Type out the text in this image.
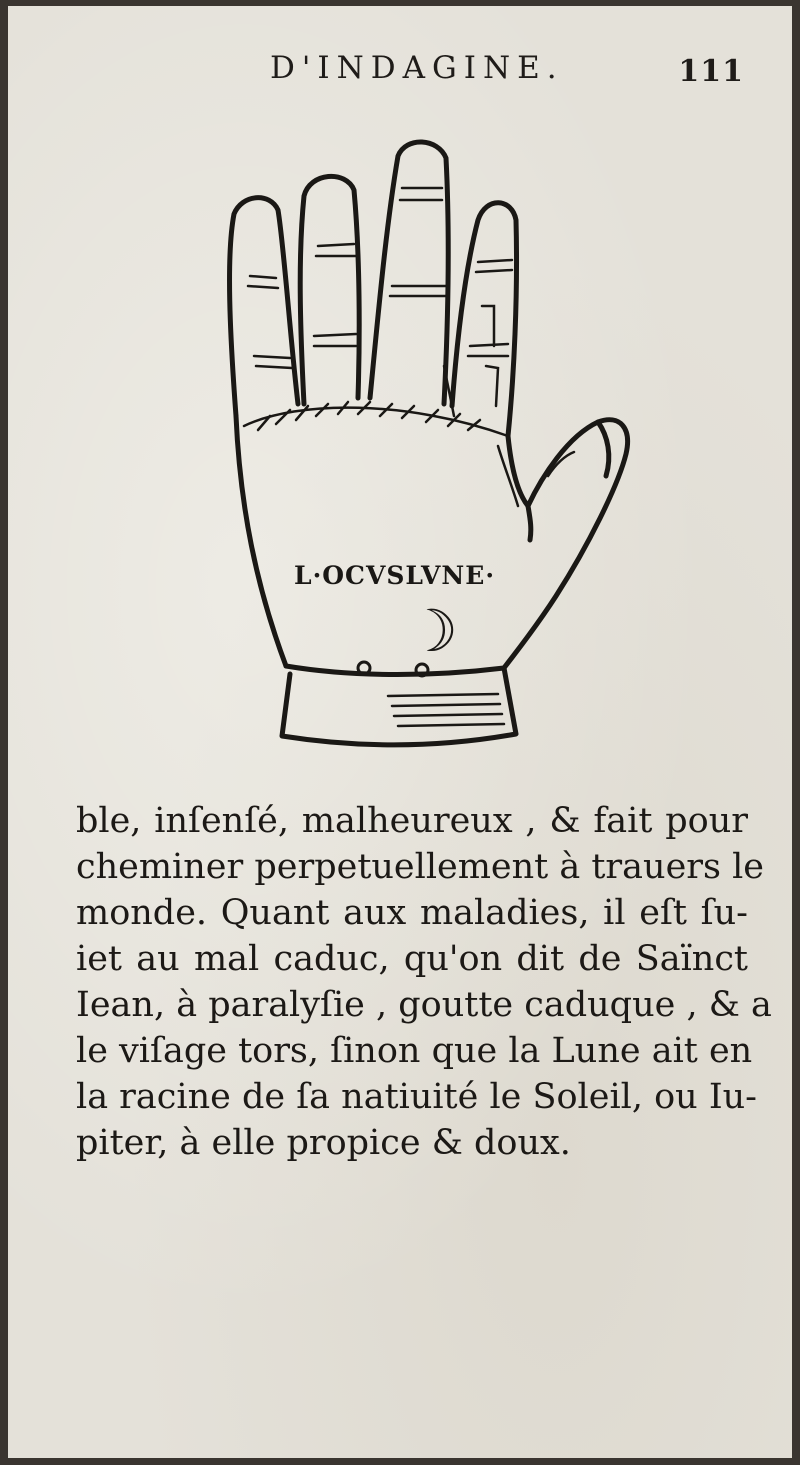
D'INDAGINE.	111
L·OCVSLVNE·
☽
ble, inſenſé, malheureux , & fait pour
cheminer perpetuellement à trauers le
monde. Quant aux maladies, il eſt ſu-
iet au mal caduc, qu'on dit de Saïnct
Iean, à paralyſie , goutte caduque , & a
le viſage tors, ſinon que la Lune ait en
la racine de ſa natiuité le Soleil, ou Iu-
piter, à elle propice & doux.
